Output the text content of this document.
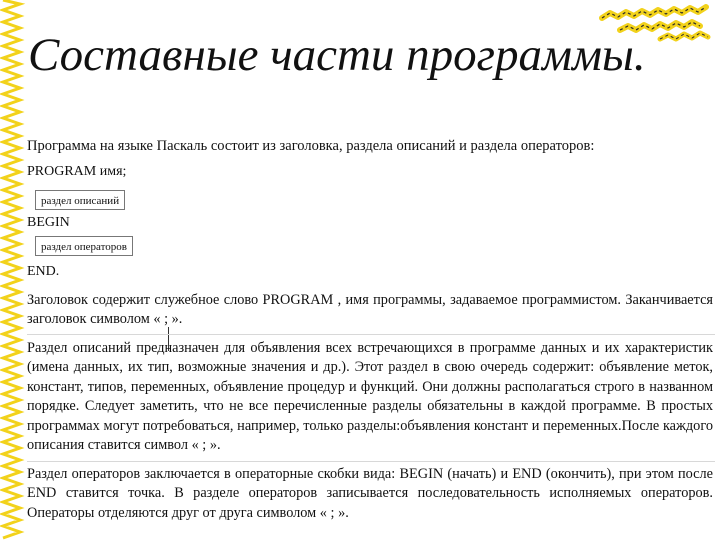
Составные части программы.
Программа на языке Паскаль состоит из заголовка, раздела описаний и раздела операторов:
PROGRAM имя;
раздел описаний
BEGIN
раздел операторов
END.
Заголовок содержит служебное слово PROGRAM , имя программы, задаваемое программистом. Заканчивается заголовок символом « ; ».
Раздел описаний предназначен для объявления всех встречающихся в программе данных и их характеристик (имена данных, их тип, возможные значения и др.). Этот раздел в свою очередь содержит: объявление меток, констант, типов, переменных, объявление процедур и функций. Они должны располагаться строго в названном порядке. Следует заметить, что не все перечисленные разделы обязательны в каждой программе. В простых программах могут потребоваться, например, только разделы:объявления констант и переменных.После каждого описания ставится символ « ; ».
Раздел операторов заключается в операторные скобки вида: BEGIN (начать) и END (окончить), при этом после END ставится точка. В разделе операторов записывается последовательность исполняемых операторов. Операторы отделяются друг от друга символом « ; ».
